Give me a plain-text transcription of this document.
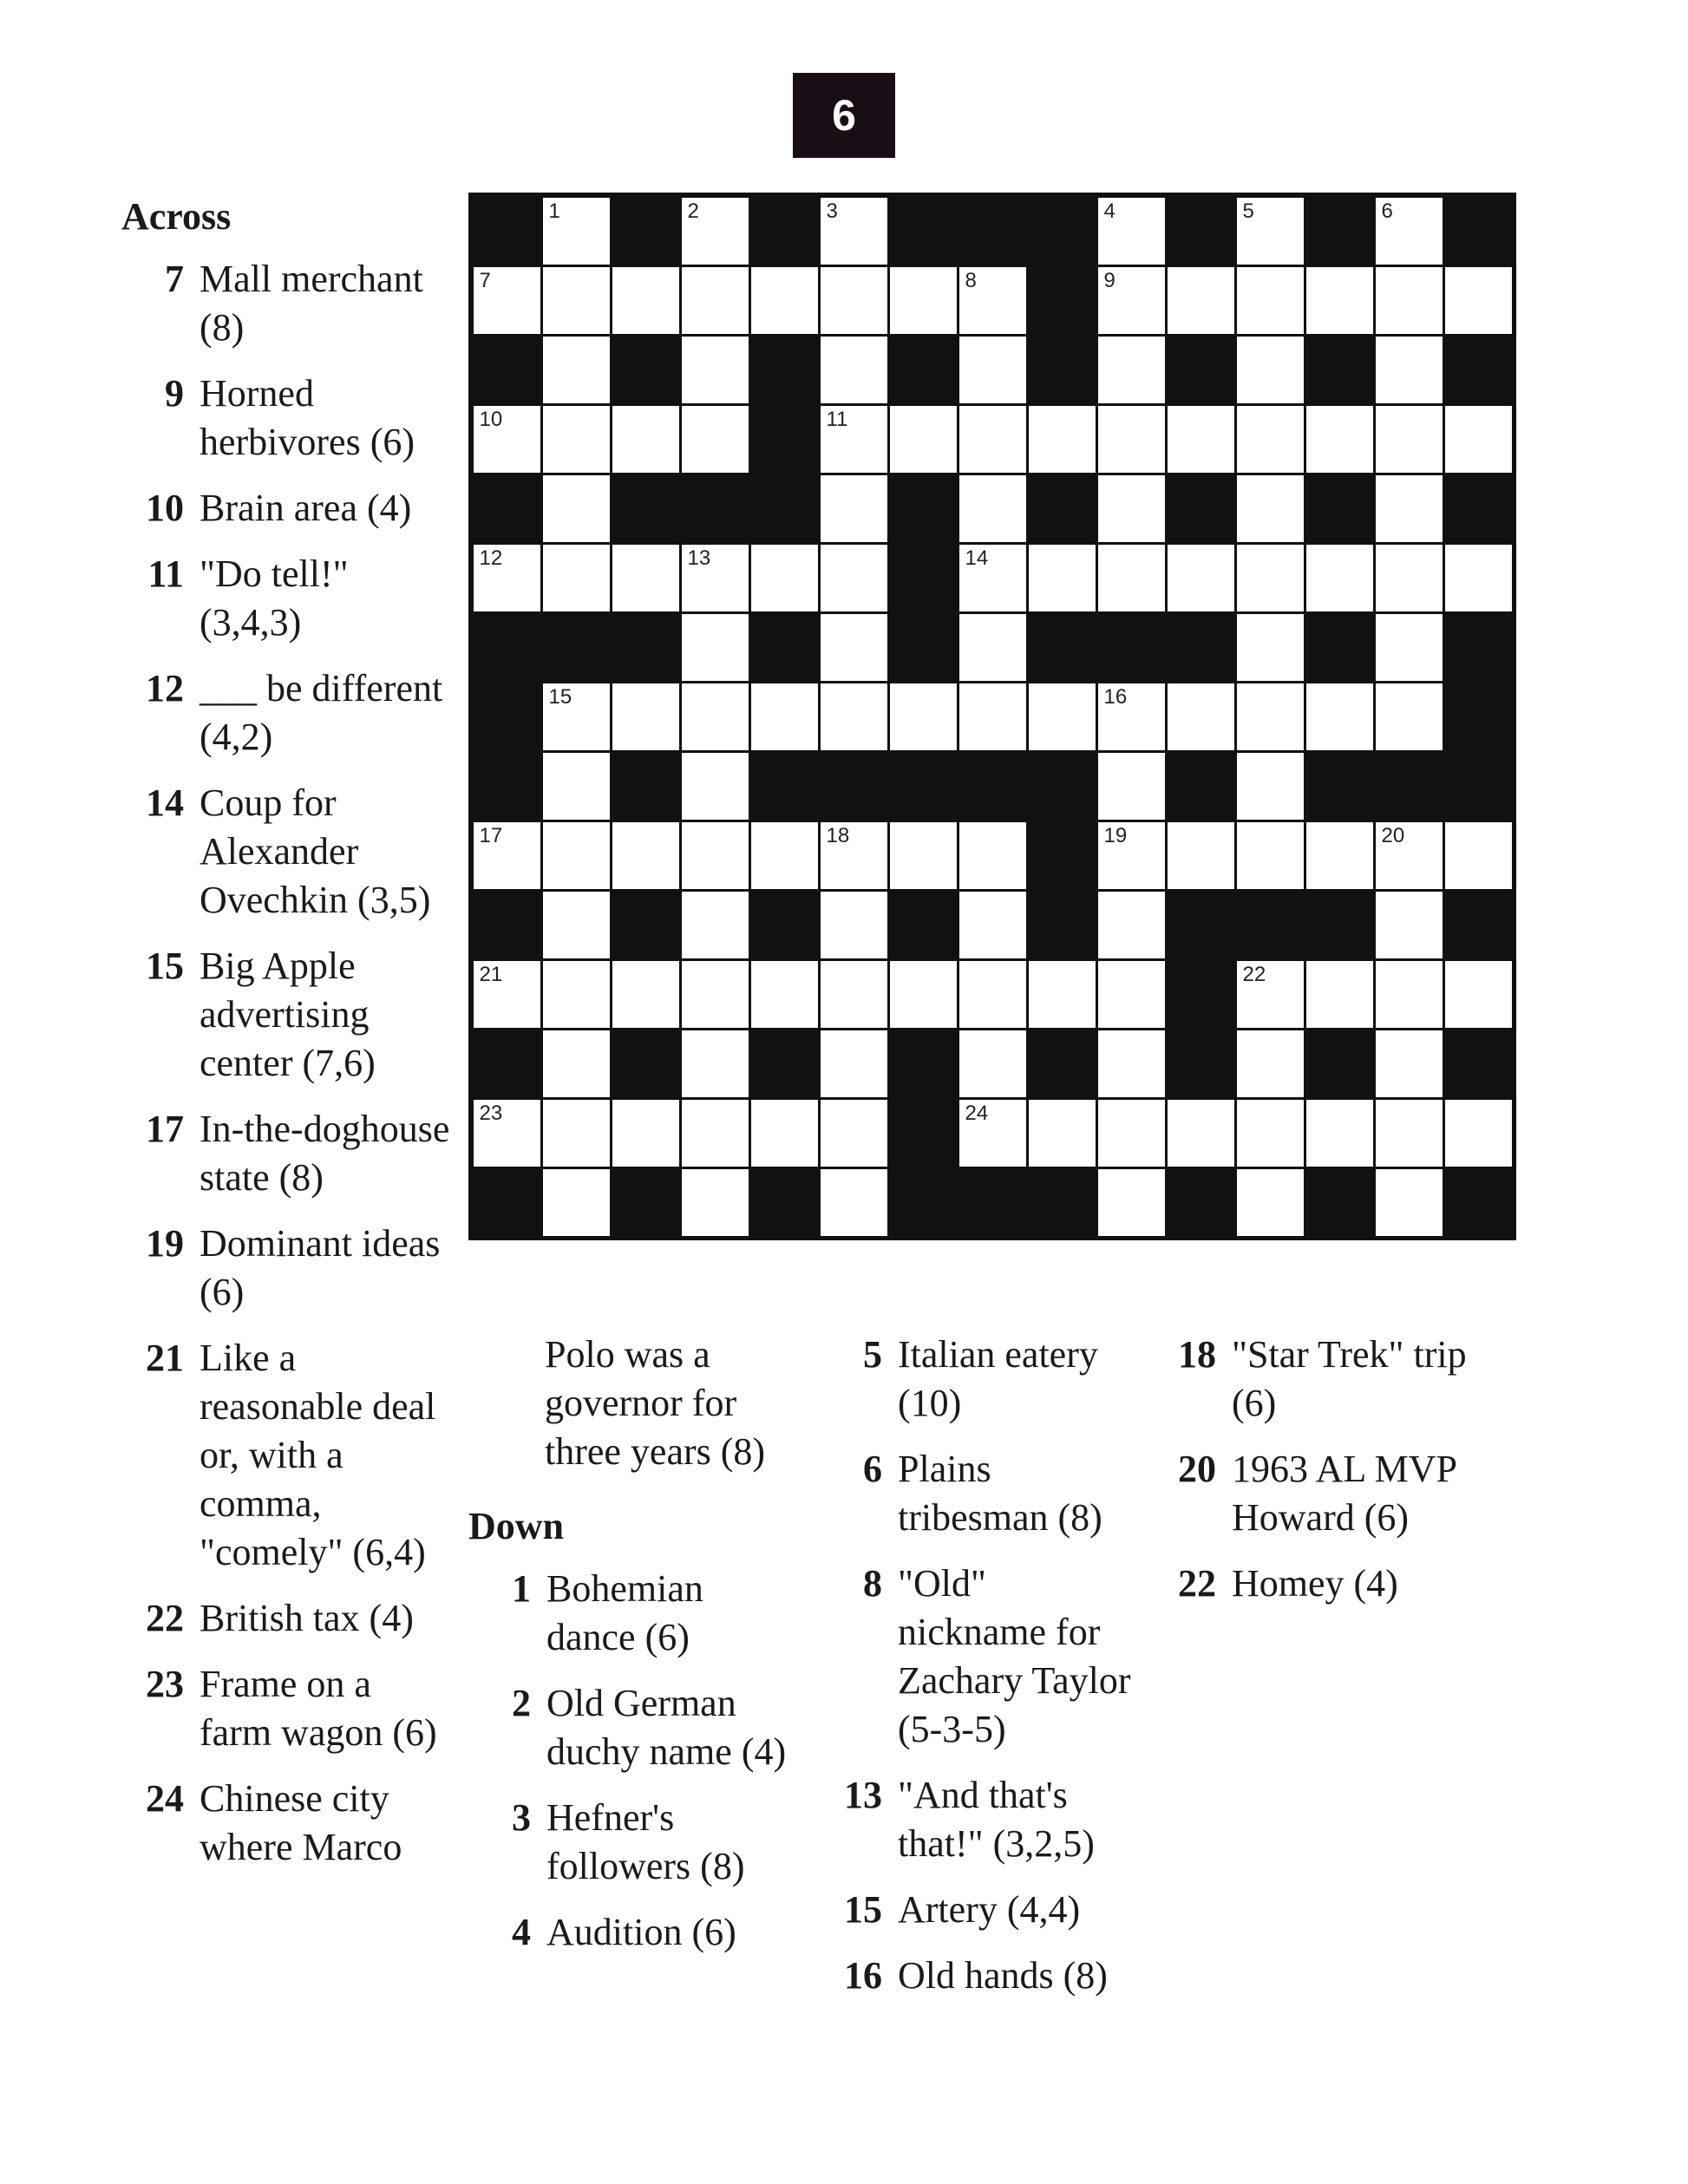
6
1	2	3	4	5	6
7	8	9
10	11
12	13	14
15	16
17	18	19	20
21	22
23	24
Across
7 Mall merchant (8)
9 Horned herbivores (6)
10 Brain area (4)
11 "Do tell!" (3,4,3)
12 ___ be different (4,2)
14 Coup for Alexander Ovechkin (3,5)
15 Big Apple advertising center (7,6)
17 In-the-doghouse state (8)
19 Dominant ideas (6)
21 Like a reasonable deal or, with a comma, "comely" (6,4)
22 British tax (4)
23 Frame on a farm wagon (6)
24 Chinese city where Marco
Polo was a governor for three years (8)
Down
1 Bohemian dance (6)
2 Old German duchy name (4)
3 Hefner's followers (8)
4 Audition (6)
5 Italian eatery (10)
6 Plains tribesman (8)
8 "Old" nickname for Zachary Taylor (5-3-5)
13 "And that's that!" (3,2,5)
15 Artery (4,4)
16 Old hands (8)
18 "Star Trek" trip (6)
20 1963 AL MVP Howard (6)
22 Homey (4)
